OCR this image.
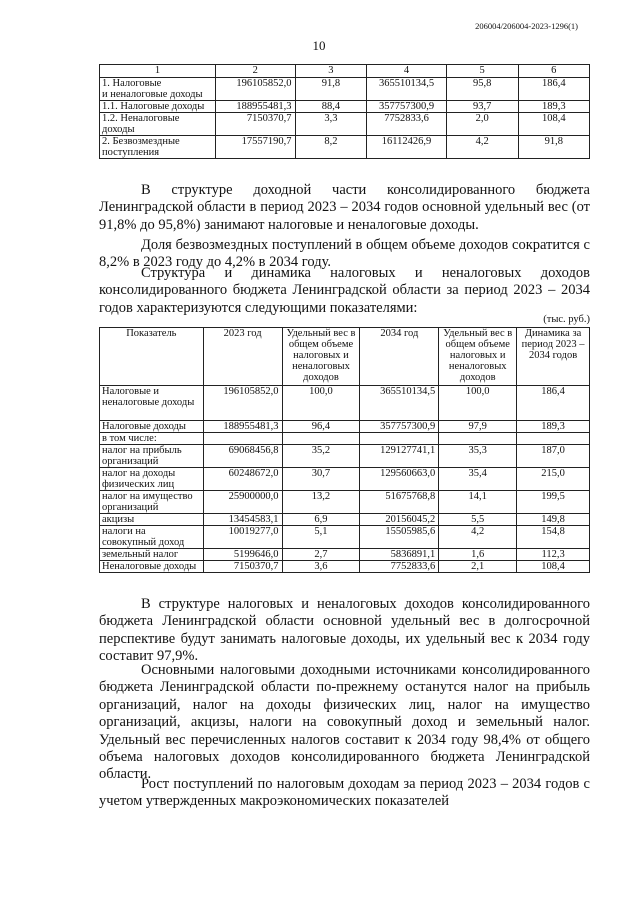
206004/206004-2023-1296(1)
10
1	2	3	4	5	6
1. Налоговые
и неналоговые доходы	196105852,0	91,8	365510134,5	95,8	186,4
1.1. Налоговые доходы	188955481,3	88,4	357757300,9	93,7	189,3
1.2. Неналоговые
доходы	7150370,7	3,3	7752833,6	2,0	108,4
2. Безвозмездные
поступления	17557190,7	8,2	16112426,9	4,2	91,8

В структуре доходной части консолидированного бюджета Ленинградской области в период 2023 – 2034 годов основной удельный вес (от 91,8% до 95,8%) занимают налоговые и неналоговые доходы.

Доля безвозмездных поступлений в общем объеме доходов сократится с 8,2% в 2023 году до 4,2% в 2034 году.

Структура и динамика налоговых и неналоговых доходов консолидированного бюджета Ленинградской области за период 2023 – 2034 годов характеризуются следующими показателями:

(тыс. руб.)
Показатель	2023 год	Удельный вес в общем объеме налоговых и неналоговых доходов	2034 год	Удельный вес в общем объеме налоговых и неналоговых доходов	Динамика за период 2023 – 2034 годов
Налоговые и неналоговые доходы	196105852,0	100,0	365510134,5	100,0	186,4
Налоговые доходы	188955481,3	96,4	357757300,9	97,9	189,3
в том числе:					
налог на прибыль организаций	69068456,8	35,2	129127741,1	35,3	187,0
налог на доходы физических лиц	60248672,0	30,7	129560663,0	35,4	215,0
налог на имущество организаций	25900000,0	13,2	51675768,8	14,1	199,5
акцизы	13454583,1	6,9	20156045,2	5,5	149,8
налоги на совокупный доход	10019277,0	5,1	15505985,6	4,2	154,8
земельный налог	5199646,0	2,7	5836891,1	1,6	112,3
Неналоговые доходы	7150370,7	3,6	7752833,6	2,1	108,4

В структуре налоговых и неналоговых доходов консолидированного бюджета Ленинградской области основной удельный вес в долгосрочной перспективе будут занимать налоговые доходы, их удельный вес к 2034 году составит 97,9%.

Основными налоговыми доходными источниками консолидированного бюджета Ленинградской области по-прежнему останутся налог на прибыль организаций, налог на доходы физических лиц, налог на имущество организаций, акцизы, налоги на совокупный доход и земельный налог. Удельный вес перечисленных налогов составит к 2034 году 98,4% от общего объема налоговых доходов консолидированного бюджета Ленинградской области.

Рост поступлений по налоговым доходам за период 2023 – 2034 годов с учетом утвержденных макроэкономических показателей
